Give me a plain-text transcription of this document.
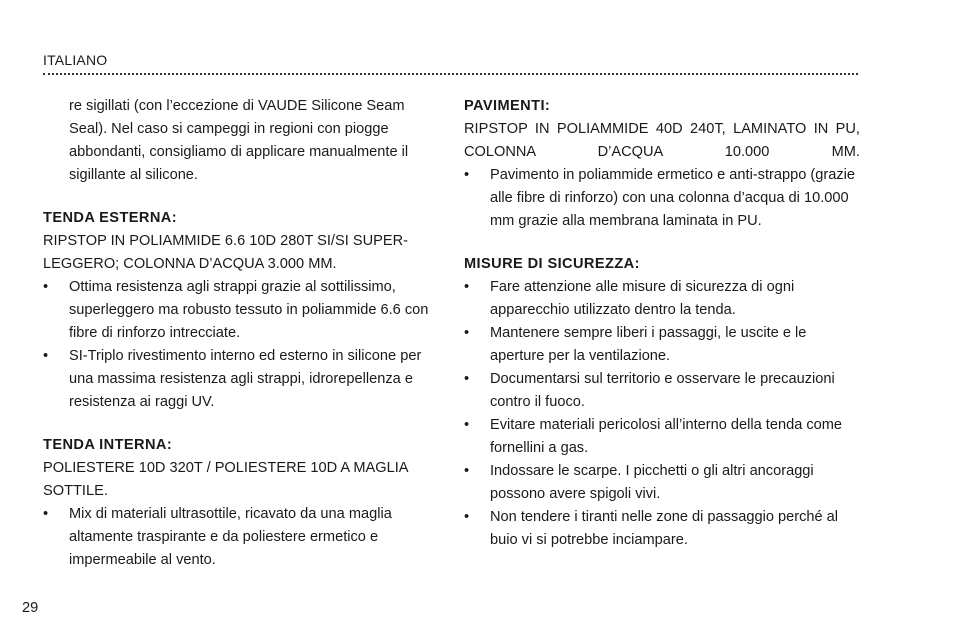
ITALIANO

re sigillati (con l’eccezione di VAUDE Silicone Seam Seal). Nel caso si campeggi in regioni con piogge abbondanti, consigliamo di applicare manualmente il sigillante al silicone.

TENDA ESTERNA:

RIPSTOP IN POLIAMMIDE 6.6 10D 280T SI/SI SUPER-LEGGERO; COLONNA D’ACQUA 3.000 MM.

• Ottima resistenza agli strappi grazie al sottilissimo, superleggero ma robusto tessuto in poliammide 6.6 con fibre di rinforzo intrecciate.
• SI-Triplo rivestimento interno ed esterno in silicone per una massima resistenza agli strappi, idrorepellenza e resistenza ai raggi UV.
TENDA INTERNA:

POLIESTERE 10D 320T / POLIESTERE 10D A MAGLIA SOTTILE.

• Mix di materiali ultrasottile, ricavato da una maglia altamente traspirante e da poliestere ermetico e impermeabile al vento.
PAVIMENTI:

RIPSTOP IN POLIAMMIDE 40D 240T, LAMINATO IN PU, COLONNA D’ACQUA 10.000 MM.

• Pavimento in poliammide ermetico e anti-strappo (grazie alle fibre di rinforzo) con una colonna d’acqua di 10.000 mm grazie alla membrana laminata in PU.
MISURE DI SICUREZZA:
• Fare attenzione alle misure di sicurezza di ogni apparecchio utilizzato dentro la tenda.
• Mantenere sempre liberi i passaggi, le uscite e le aperture per la ventilazione.
• Documentarsi sul territorio e osservare le precauzioni contro il fuoco.
• Evitare materiali pericolosi all’interno della tenda come fornellini a gas.
• Indossare le scarpe. I picchetti o gli altri ancoraggi possono avere spigoli vivi.
• Non tendere i tiranti nelle zone di passaggio perché al buio vi si potrebbe inciampare.
29
